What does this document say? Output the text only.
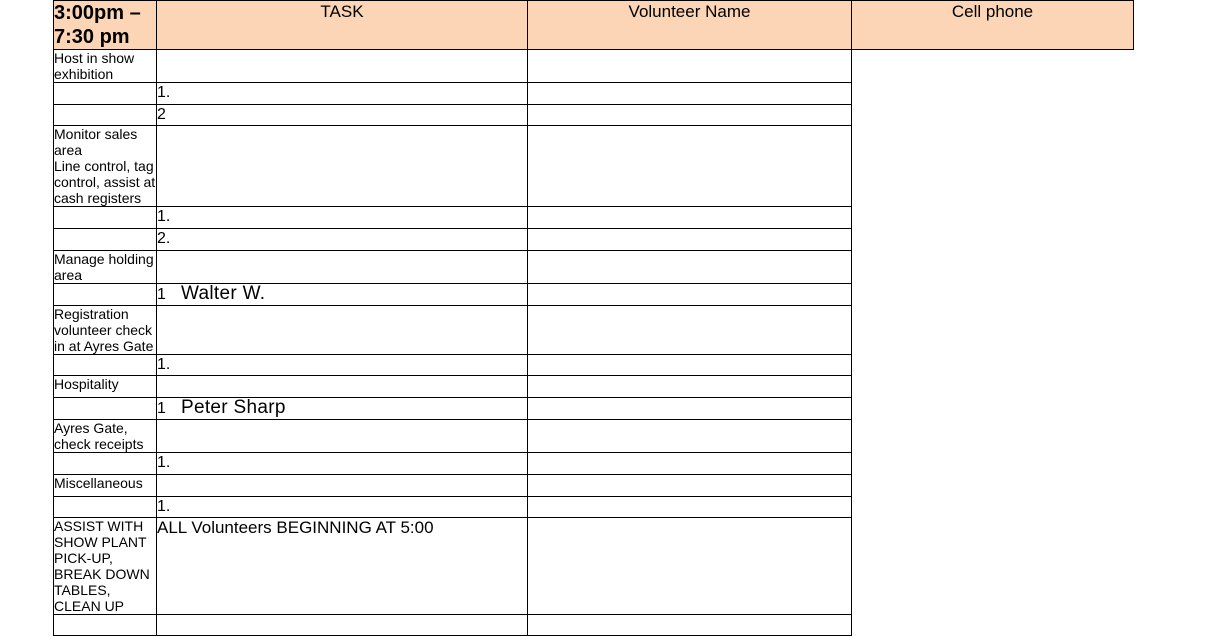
3:00pm – 7:30 pm	TASK	Volunteer Name	Cell phone

Host in show exhibition			

	1.		

	2		

Monitor sales area
Line control, tag control, assist at cash registers			

	1.		

	2.		

Manage holding area			

	1 Walter W.		

Registration volunteer check in at Ayres Gate			

	1.		

Hospitality			

	1 Peter Sharp		

Ayres Gate, check receipts			

	1.		

Miscellaneous			

	1.		

ASSIST WITH SHOW PLANT PICK-UP, BREAK DOWN TABLES, CLEAN UP	ALL Volunteers BEGINNING AT 5:00		
